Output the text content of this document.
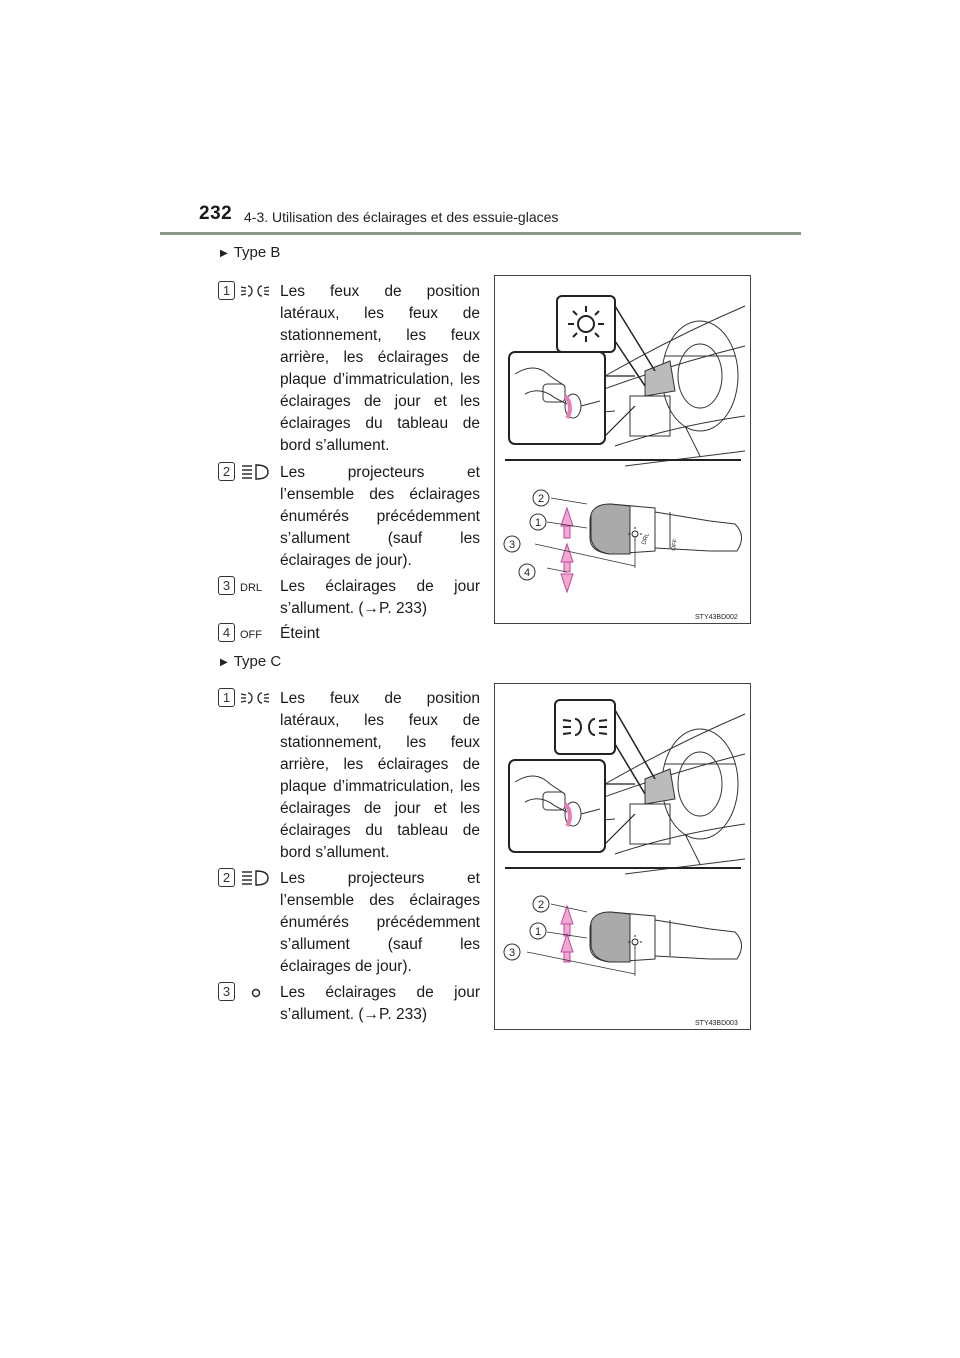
232 4-3. Utilisation des éclairages et des essuie-glaces
▶ Type B
1	Les feux de position latéraux, les feux de stationnement, les feux arrière, les éclairages de plaque d’immatriculation, les éclairages de jour et les éclairages du tableau de bord s’allument.
2	Les projecteurs et l’ensemble des éclairages énumérés précédemment s’allument (sauf les éclairages de jour).
3 DRL	Les éclairages de jour s’allument. (→P. 233)
4 OFF	Éteint
DRL	OFF
2
1
3
4
STY43BD002
▶ Type C
1	Les feux de position latéraux, les feux de stationnement, les feux arrière, les éclairages de plaque d’immatriculation, les éclairages de jour et les éclairages du tableau de bord s’allument.
2	Les projecteurs et l’ensemble des éclairages énumérés précédemment s’allument (sauf les éclairages de jour).
3	Les éclairages de jour s’allument. (→P. 233)
2
1
3
STY43BD003
